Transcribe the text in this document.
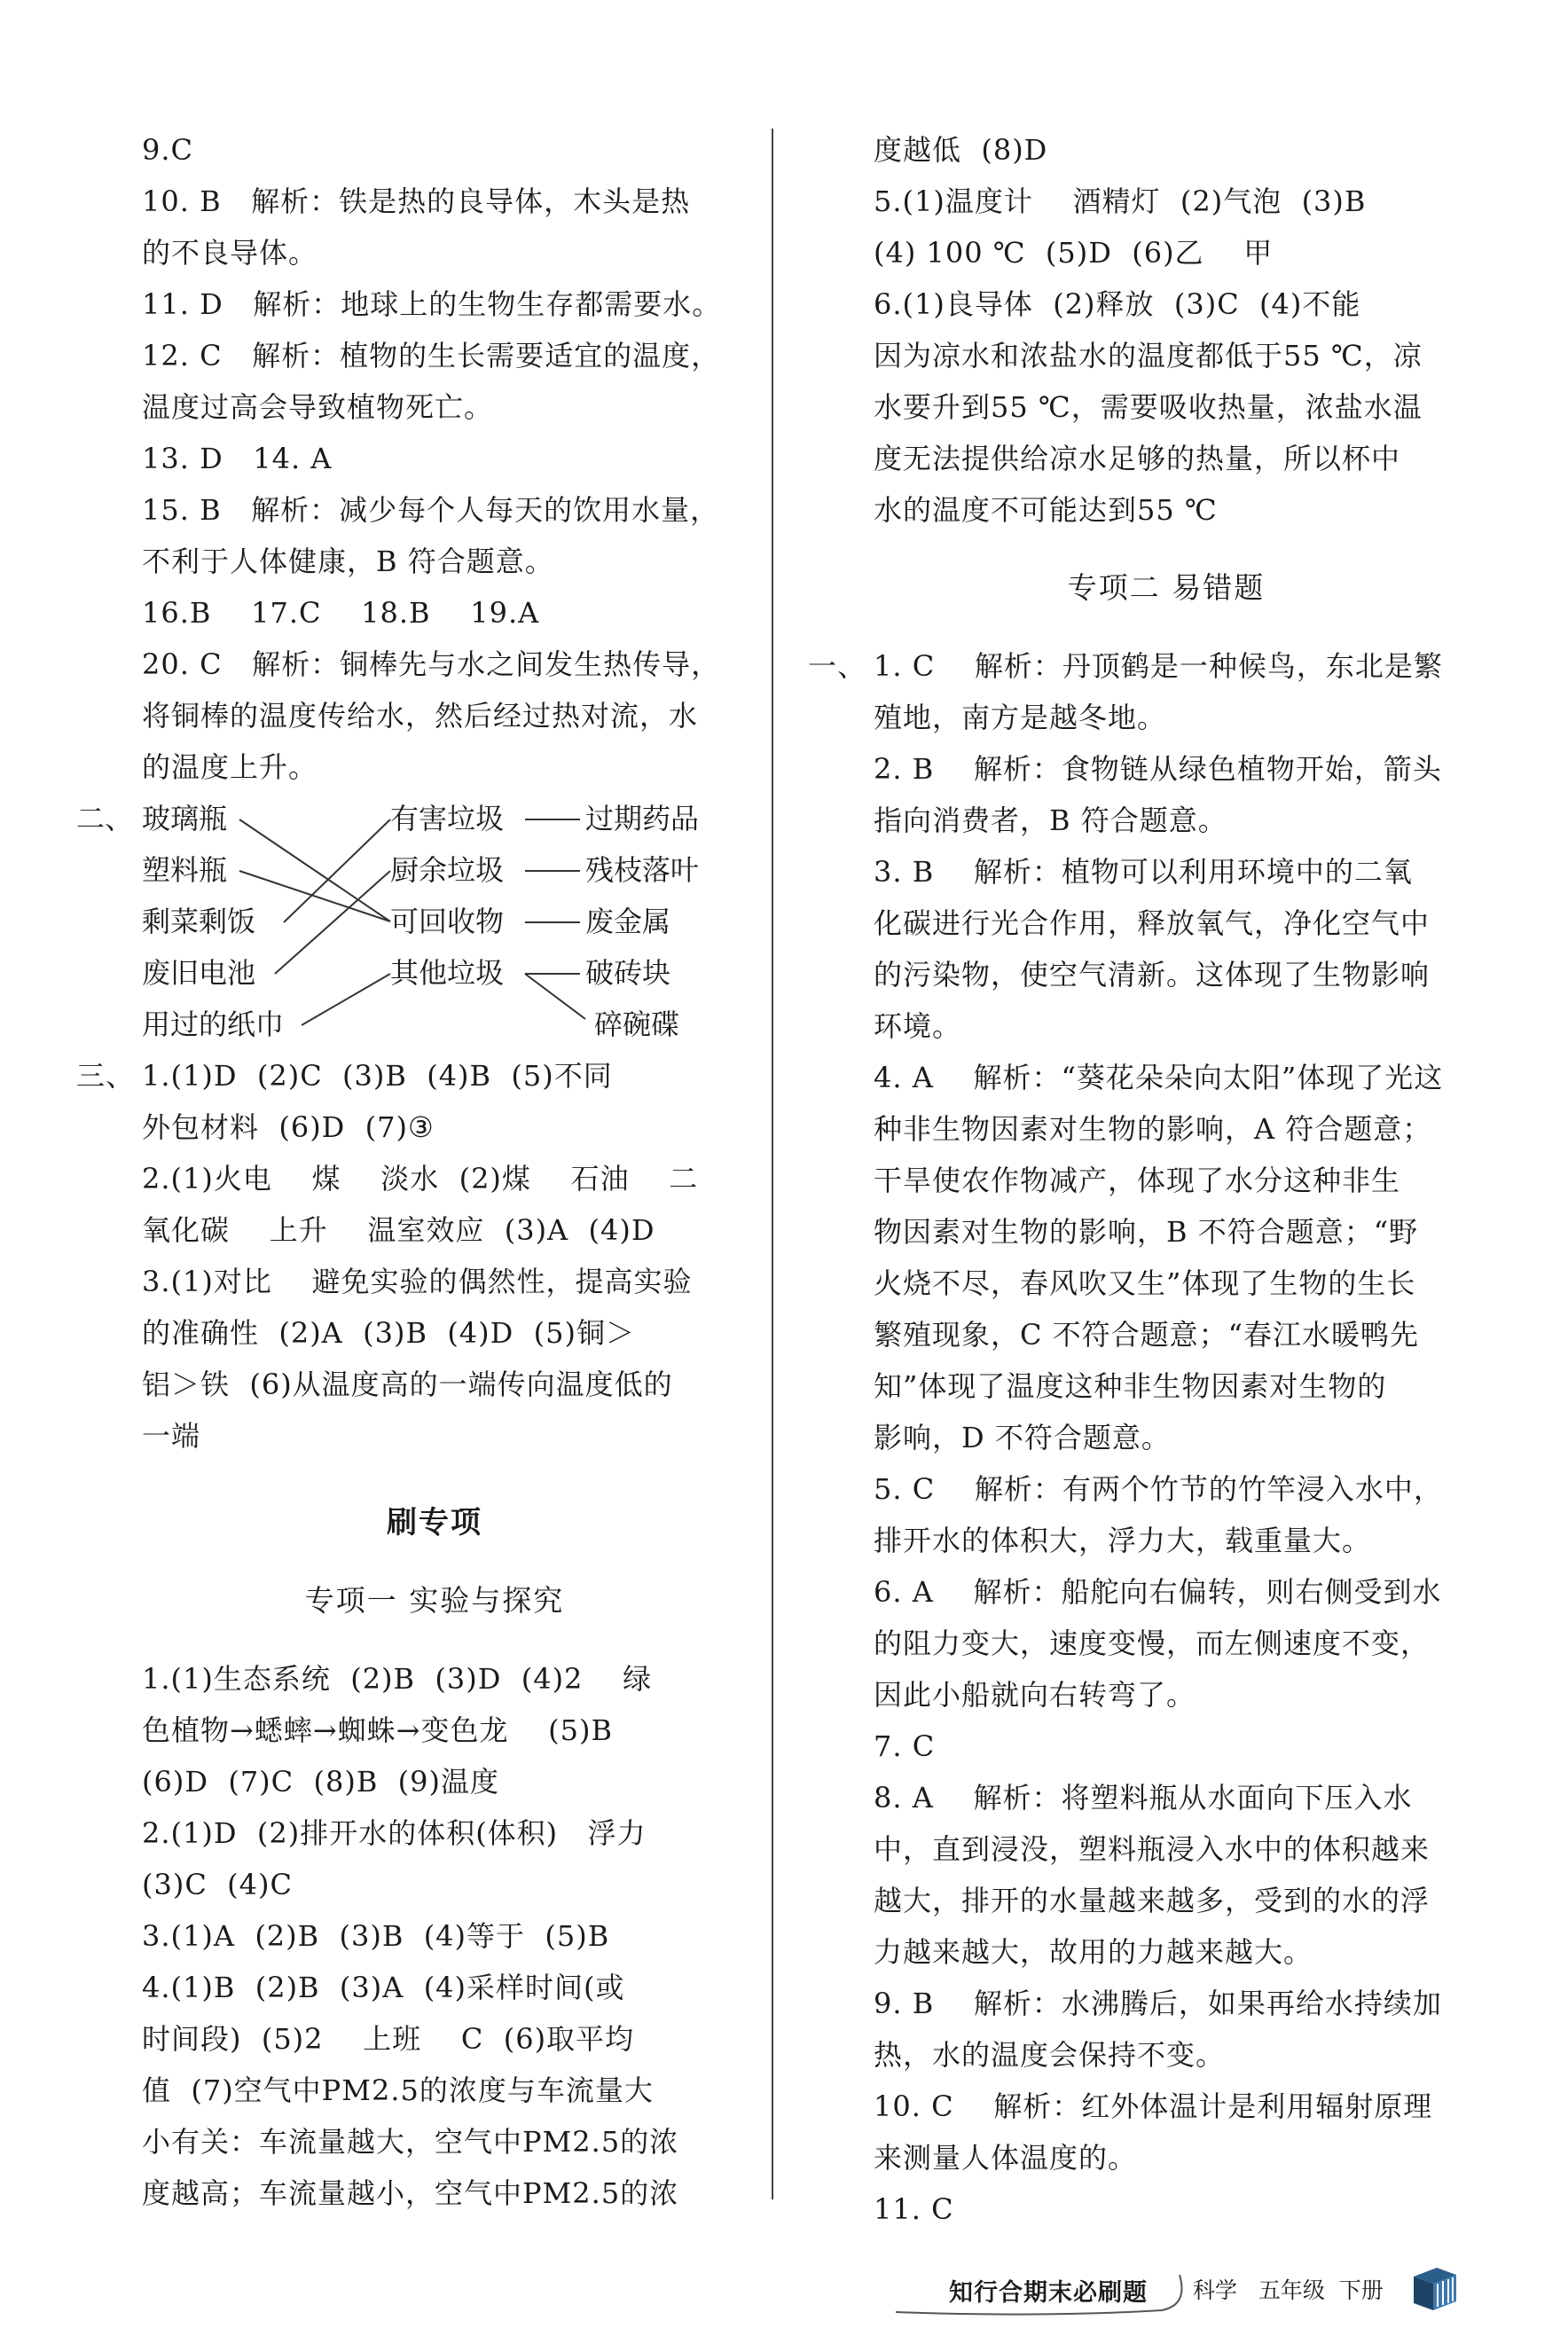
9.C
10. B   解析：铁是热的良导体，木头是热
的不良导体。
11. D   解析：地球上的生物生存都需要水。
12. C   解析：植物的生长需要适宜的温度，
温度过高会导致植物死亡。
13. D   14. A
15. B   解析：减少每个人每天的饮用水量，
不利于人体健康，B 符合题意。
16.B    17.C    18.B    19.A
20. C   解析：铜棒先与水之间发生热传导，
将铜棒的温度传给水，然后经过热对流，水
的温度上升。
二、 玻璃瓶
塑料瓶
剩菜剩饭
废旧电池
用过的纸巾
有害垃圾
厨余垃圾
可回收物
其他垃圾
过期药品
残枝落叶
废金属
破砖块
碎碗碟
三、 1.(1)D  (2)C  (3)B  (4)B  (5)不同
外包材料  (6)D  (7)③
2.(1)火电    煤    淡水  (2)煤    石油    二
氧化碳    上升    温室效应  (3)A  (4)D
3.(1)对比    避免实验的偶然性，提高实验
的准确性  (2)A  (3)B  (4)D  (5)铜＞
铝＞铁  (6)从温度高的一端传向温度低的
一端
刷专项
专项一 实验与探究
1.(1)生态系统  (2)B  (3)D  (4)2    绿
色植物→蟋蟀→蜘蛛→变色龙    (5)B
(6)D  (7)C  (8)B  (9)温度
2.(1)D  (2)排开水的体积(体积)   浮力
(3)C  (4)C
3.(1)A  (2)B  (3)B  (4)等于  (5)B
4.(1)B  (2)B  (3)A  (4)采样时间(或
时间段)  (5)2    上班    C  (6)取平均
值  (7)空气中PM2.5的浓度与车流量大
小有关：车流量越大，空气中PM2.5的浓
度越高；车流量越小，空气中PM2.5的浓
度越低  (8)D
5.(1)温度计    酒精灯  (2)气泡  (3)B
(4) 100 ℃  (5)D  (6)乙    甲
6.(1)良导体  (2)释放  (3)C  (4)不能
因为凉水和浓盐水的温度都低于55 ℃，凉
水要升到55 ℃，需要吸收热量，浓盐水温
度无法提供给凉水足够的热量，所以杯中
水的温度不可能达到55 ℃
专项二 易错题
一、 1. C    解析：丹顶鹤是一种候鸟，东北是繁
殖地，南方是越冬地。
2. B    解析：食物链从绿色植物开始，箭头
指向消费者，B 符合题意。
3. B    解析：植物可以利用环境中的二氧
化碳进行光合作用，释放氧气，净化空气中
的污染物，使空气清新。这体现了生物影响
环境。
4. A    解析：“葵花朵朵向太阳”体现了光这
种非生物因素对生物的影响，A 符合题意；
干旱使农作物减产，体现了水分这种非生
物因素对生物的影响，B 不符合题意；“野
火烧不尽，春风吹又生”体现了生物的生长
繁殖现象，C 不符合题意；“春江水暖鸭先
知”体现了温度这种非生物因素对生物的
影响，D 不符合题意。
5. C    解析：有两个竹节的竹竿浸入水中，
排开水的体积大，浮力大，载重量大。
6. A    解析：船舵向右偏转，则右侧受到水
的阻力变大，速度变慢，而左侧速度不变，
因此小船就向右转弯了。
7. C
8. A    解析：将塑料瓶从水面向下压入水
中，直到浸没，塑料瓶浸入水中的体积越来
越大，排开的水量越来越多，受到的水的浮
力越来越大，故用的力越来越大。
9. B    解析：水沸腾后，如果再给水持续加
热，水的温度会保持不变。
10. C    解析：红外体温计是利用辐射原理
来测量人体温度的。
11. C
知行合期末必刷题 科学 五年级 下册
